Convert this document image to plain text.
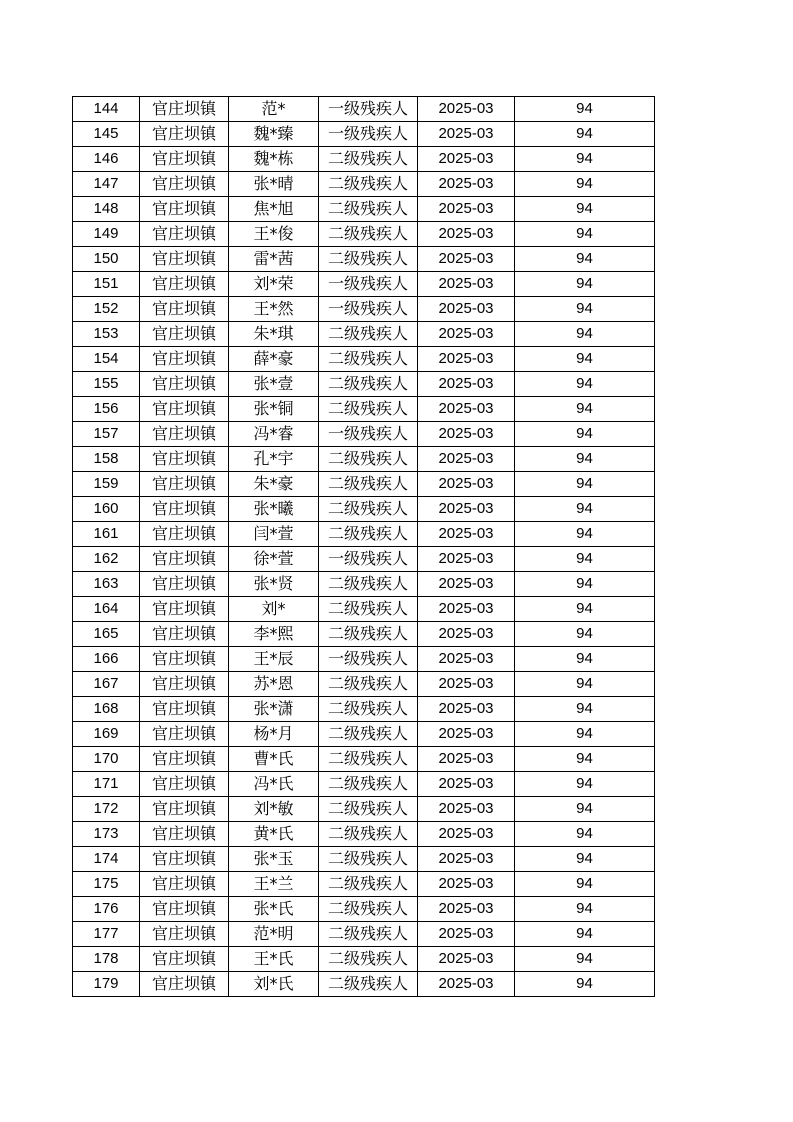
144	官庄坝镇	范*	一级残疾人	2025-03	94
145	官庄坝镇	魏*臻	一级残疾人	2025-03	94
146	官庄坝镇	魏*栋	二级残疾人	2025-03	94
147	官庄坝镇	张*晴	二级残疾人	2025-03	94
148	官庄坝镇	焦*旭	二级残疾人	2025-03	94
149	官庄坝镇	王*俊	二级残疾人	2025-03	94
150	官庄坝镇	雷*茜	二级残疾人	2025-03	94
151	官庄坝镇	刘*荣	一级残疾人	2025-03	94
152	官庄坝镇	王*然	一级残疾人	2025-03	94
153	官庄坝镇	朱*琪	二级残疾人	2025-03	94
154	官庄坝镇	薛*豪	二级残疾人	2025-03	94
155	官庄坝镇	张*壹	二级残疾人	2025-03	94
156	官庄坝镇	张*铜	二级残疾人	2025-03	94
157	官庄坝镇	冯*睿	一级残疾人	2025-03	94
158	官庄坝镇	孔*宇	二级残疾人	2025-03	94
159	官庄坝镇	朱*豪	二级残疾人	2025-03	94
160	官庄坝镇	张*曦	二级残疾人	2025-03	94
161	官庄坝镇	闫*萱	二级残疾人	2025-03	94
162	官庄坝镇	徐*萱	一级残疾人	2025-03	94
163	官庄坝镇	张*贤	二级残疾人	2025-03	94
164	官庄坝镇	刘*	二级残疾人	2025-03	94
165	官庄坝镇	李*熙	二级残疾人	2025-03	94
166	官庄坝镇	王*辰	一级残疾人	2025-03	94
167	官庄坝镇	苏*恩	二级残疾人	2025-03	94
168	官庄坝镇	张*潇	二级残疾人	2025-03	94
169	官庄坝镇	杨*月	二级残疾人	2025-03	94
170	官庄坝镇	曹*氏	二级残疾人	2025-03	94
171	官庄坝镇	冯*氏	二级残疾人	2025-03	94
172	官庄坝镇	刘*敏	二级残疾人	2025-03	94
173	官庄坝镇	黄*氏	二级残疾人	2025-03	94
174	官庄坝镇	张*玉	二级残疾人	2025-03	94
175	官庄坝镇	王*兰	二级残疾人	2025-03	94
176	官庄坝镇	张*氏	二级残疾人	2025-03	94
177	官庄坝镇	范*明	二级残疾人	2025-03	94
178	官庄坝镇	王*氏	二级残疾人	2025-03	94
179	官庄坝镇	刘*氏	二级残疾人	2025-03	94
